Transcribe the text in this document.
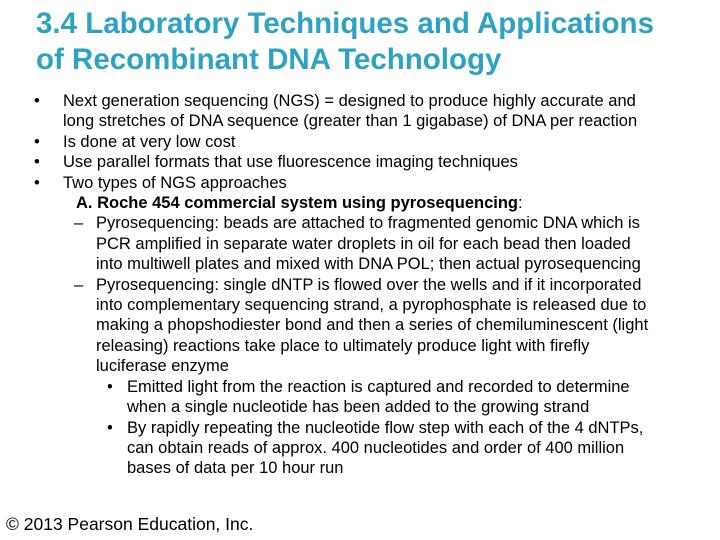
3.4 Laboratory Techniques and Applications
of Recombinant DNA Technology
• Next generation sequencing (NGS) = designed to produce highly accurate and
long stretches of DNA sequence (greater than 1 gigabase) of DNA per reaction
• Is done at very low cost
• Use parallel formats that use fluorescence imaging techniques
• Two types of NGS approaches
A. Roche 454 commercial system using pyrosequencing:
– Pyrosequencing: beads are attached to fragmented genomic DNA which is
PCR amplified in separate water droplets in oil for each bead then loaded
into multiwell plates and mixed with DNA POL; then actual pyrosequencing
– Pyrosequencing: single dNTP is flowed over the wells and if it incorporated
into complementary sequencing strand, a pyrophosphate is released due to
making a phopshodiester bond and then a series of chemiluminescent (light
releasing) reactions take place to ultimately produce light with firefly
luciferase enzyme
• Emitted light from the reaction is captured and recorded to determine
when a single nucleotide has been added to the growing strand
• By rapidly repeating the nucleotide flow step with each of the 4 dNTPs,
can obtain reads of approx. 400 nucleotides and order of 400 million
bases of data per 10 hour run
© 2013 Pearson Education, Inc.
